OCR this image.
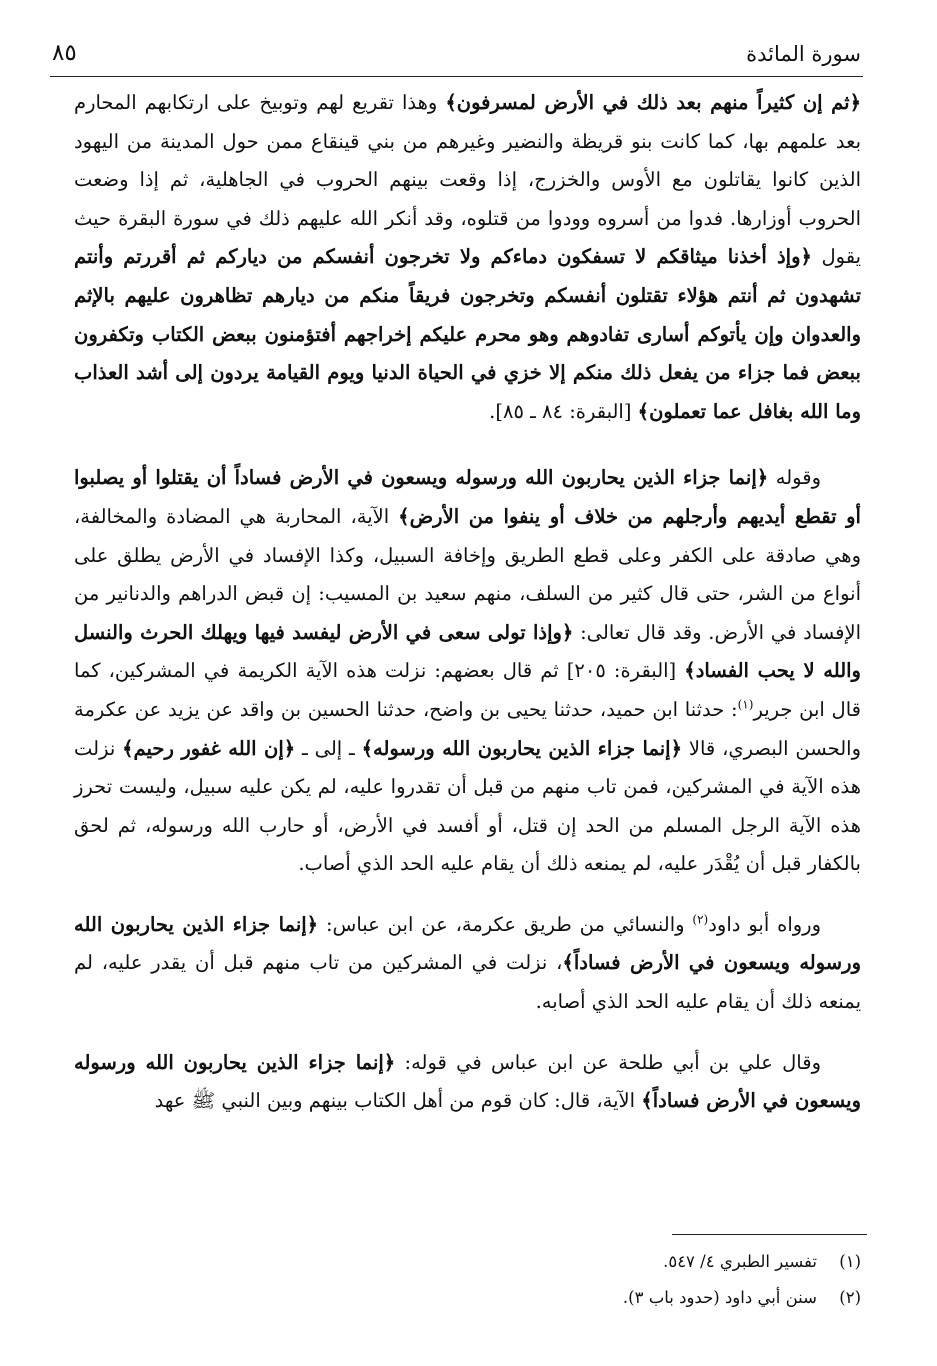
سورة المائدة
٨٥

﴿ثم إن كثيراً منهم بعد ذلك في الأرض لمسرفون﴾ وهذا تقريع لهم وتوبيخ على ارتكابهم المحارم بعد علمهم بها، كما كانت بنو قريظة والنضير وغيرهم من بني قينقاع ممن حول المدينة من اليهود الذين كانوا يقاتلون مع الأوس والخزرج، إذا وقعت بينهم الحروب في الجاهلية، ثم إذا وضعت الحروب أوزارها. فدوا من أسروه وودوا من قتلوه، وقد أنكر الله عليهم ذلك في سورة البقرة حيث يقول ﴿وإذ أخذنا ميثاقكم لا تسفكون دماءكم ولا تخرجون أنفسكم من دياركم ثم أقررتم وأنتم تشهدون ثم أنتم هؤلاء تقتلون أنفسكم وتخرجون فريقاً منكم من ديارهم تظاهرون عليهم بالإثم والعدوان وإن يأتوكم أسارى تفادوهم وهو محرم عليكم إخراجهم أفتؤمنون ببعض الكتاب وتكفرون ببعض فما جزاء من يفعل ذلك منكم إلا خزي في الحياة الدنيا ويوم القيامة يردون إلى أشد العذاب وما الله بغافل عما تعملون﴾ [البقرة: ٨٤ ـ ٨٥].

وقوله ﴿إنما جزاء الذين يحاربون الله ورسوله ويسعون في الأرض فساداً أن يقتلوا أو يصلبوا أو تقطع أيديهم وأرجلهم من خلاف أو ينفوا من الأرض﴾ الآية، المحاربة هي المضادة والمخالفة، وهي صادقة على الكفر وعلى قطع الطريق وإخافة السبيل، وكذا الإفساد في الأرض يطلق على أنواع من الشر، حتى قال كثير من السلف، منهم سعيد بن المسيب: إن قبض الدراهم والدنانير من الإفساد في الأرض. وقد قال تعالى: ﴿وإذا تولى سعى في الأرض ليفسد فيها ويهلك الحرث والنسل والله لا يحب الفساد﴾ [البقرة: ٢٠٥] ثم قال بعضهم: نزلت هذه الآية الكريمة في المشركين، كما قال ابن جرير$^{(١)}$: حدثنا ابن حميد، حدثنا يحيى بن واضح، حدثنا الحسين بن واقد عن يزيد عن عكرمة والحسن البصري، قالا ﴿إنما جزاء الذين يحاربون الله ورسوله﴾ ـ إلى ـ ﴿إن الله غفور رحيم﴾ نزلت هذه الآية في المشركين، فمن تاب منهم من قبل أن تقدروا عليه، لم يكن عليه سبيل، وليست تحرز هذه الآية الرجل المسلم من الحد إن قتل، أو أفسد في الأرض، أو حارب الله ورسوله، ثم لحق بالكفار قبل أن يُقْدَر عليه، لم يمنعه ذلك أن يقام عليه الحد الذي أصاب.

ورواه أبو داود$^{(٢)}$ والنسائي من طريق عكرمة، عن ابن عباس: ﴿إنما جزاء الذين يحاربون الله ورسوله ويسعون في الأرض فساداً﴾، نزلت في المشركين من تاب منهم قبل أن يقدر عليه، لم يمنعه ذلك أن يقام عليه الحد الذي أصابه.

وقال علي بن أبي طلحة عن ابن عباس في قوله: ﴿إنما جزاء الذين يحاربون الله ورسوله ويسعون في الأرض فساداً﴾ الآية، قال: كان قوم من أهل الكتاب بينهم وبين النبي ﷺ عهد

(١)تفسير الطبري ٤/ ٥٤٧.
(٢)سنن أبي داود (حدود باب ٣).
